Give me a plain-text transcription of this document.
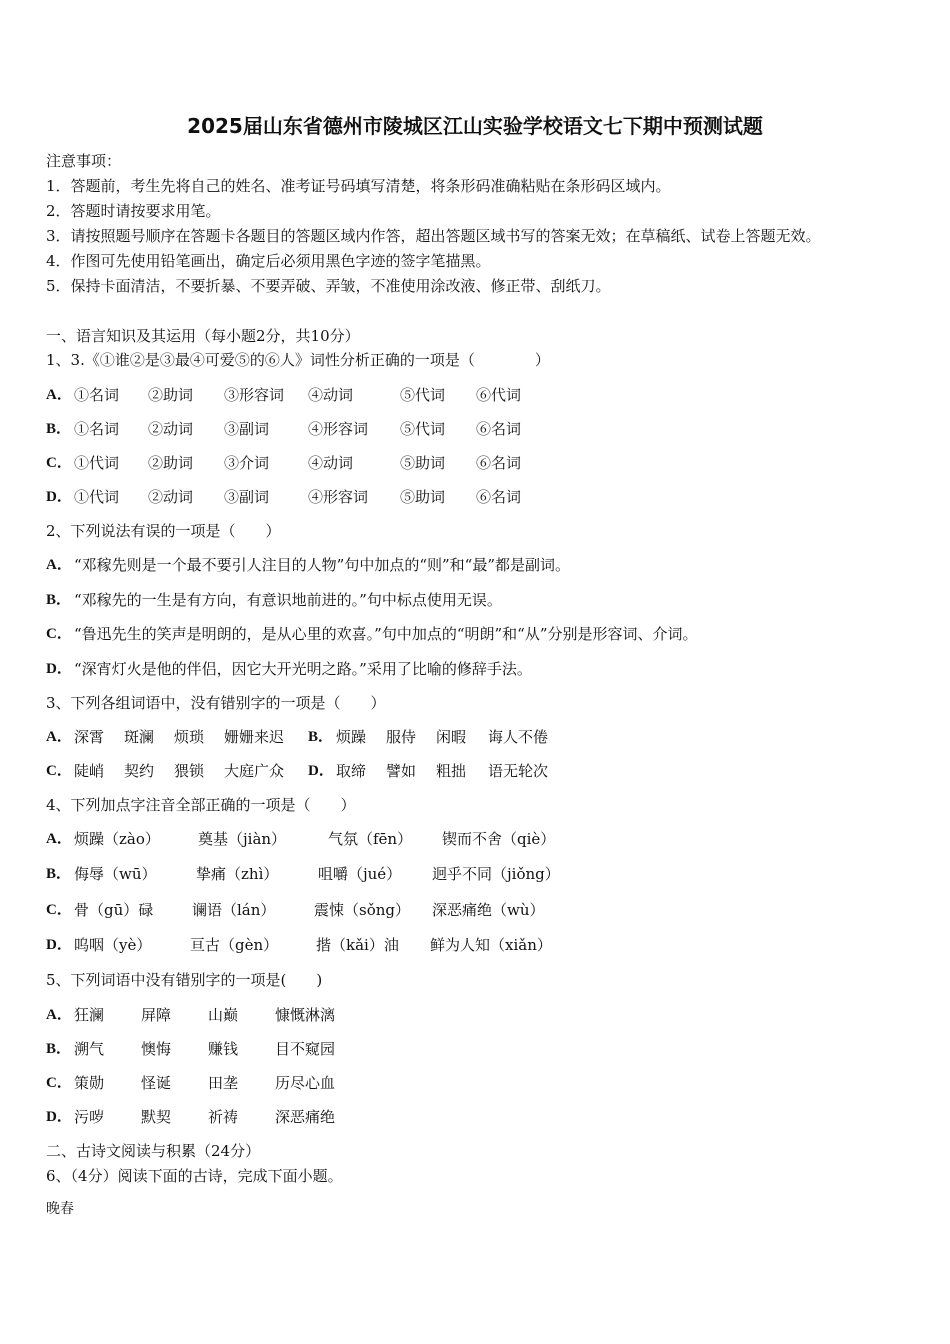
2025届山东省德州市陵城区江山实验学校语文七下期中预测试题
注意事项：
1．答题前，考生先将自己的姓名、准考证号码填写清楚，将条形码准确粘贴在条形码区域内。
2．答题时请按要求用笔。
3．请按照题号顺序在答题卡各题目的答题区域内作答，超出答题区域书写的答案无效；在草稿纸、试卷上答题无效。
4．作图可先使用铅笔画出，确定后必须用黑色字迹的签字笔描黑。
5．保持卡面清洁，不要折暴、不要弄破、弄皱，不准使用涂改液、修正带、刮纸刀。
一、语言知识及其运用（每小题2分，共10分）
1、3.《①谁②是③最④可爱⑤的⑥人》词性分析正确的一项是（　　　　）
A． ①名词 ②助词 ③形容词 ④动词	⑤代词 ⑥代词
B． ①名词 ②动词 ③副词	④形容词 ⑤代词 ⑥名词
C． ①代词 ②助词 ③介词	④动词	⑤助词 ⑥名词
D． ①代词 ②动词 ③副词	④形容词 ⑤助词 ⑥名词
2、下列说法有误的一项是（　　）
A． “邓稼先则是一个最不要引人注目的人物”句中加点的“则”和“最”都是副词。
B． “邓稼先的一生是有方向，有意识地前进的。”句中标点使用无误。
C． “鲁迅先生的笑声是明朗的，是从心里的欢喜。”句中加点的“明朗”和“从”分别是形容词、介词。
D． “深宵灯火是他的伴侣，因它大开光明之路。”采用了比喻的修辞手法。
3、下列各组词语中，没有错别字的一项是（　　）
A． 深霄 斑澜 烦琐 姗姗来迟 B． 烦躁 服侍 闲暇 诲人不倦
C． 陡峭 契约 猥锁 大庭广众 D． 取缔 譬如 粗拙 语无轮次
4、下列加点字注音全部正确的一项是（　　）
A． 烦躁（zào）	奠基（jiàn）	气氛（fēn） 锲而不舍（qiè）
B． 侮辱（wū）	挚痛（zhì）	咀嚼（jué） 迥乎不同（jiǒng）
C． 骨（gū）碌	谰语（lán）	震悚（sǒng） 深恶痛绝（wù）
D． 呜咽（yè）	亘古（gèn）	揩（kǎi）油 鲜为人知（xiǎn）
5、下列词语中没有错别字的一项是(　　)
A． 狂澜 屏障 山巅 慷慨淋漓
B． 溯气 懊悔 赚钱 目不窥园
C． 策勋 怪诞 田垄 历尽心血
D． 污哕 默契 祈祷 深恶痛绝
二、古诗文阅读与积累（24分）
6、（4分）阅读下面的古诗，完成下面小题。
晚春
